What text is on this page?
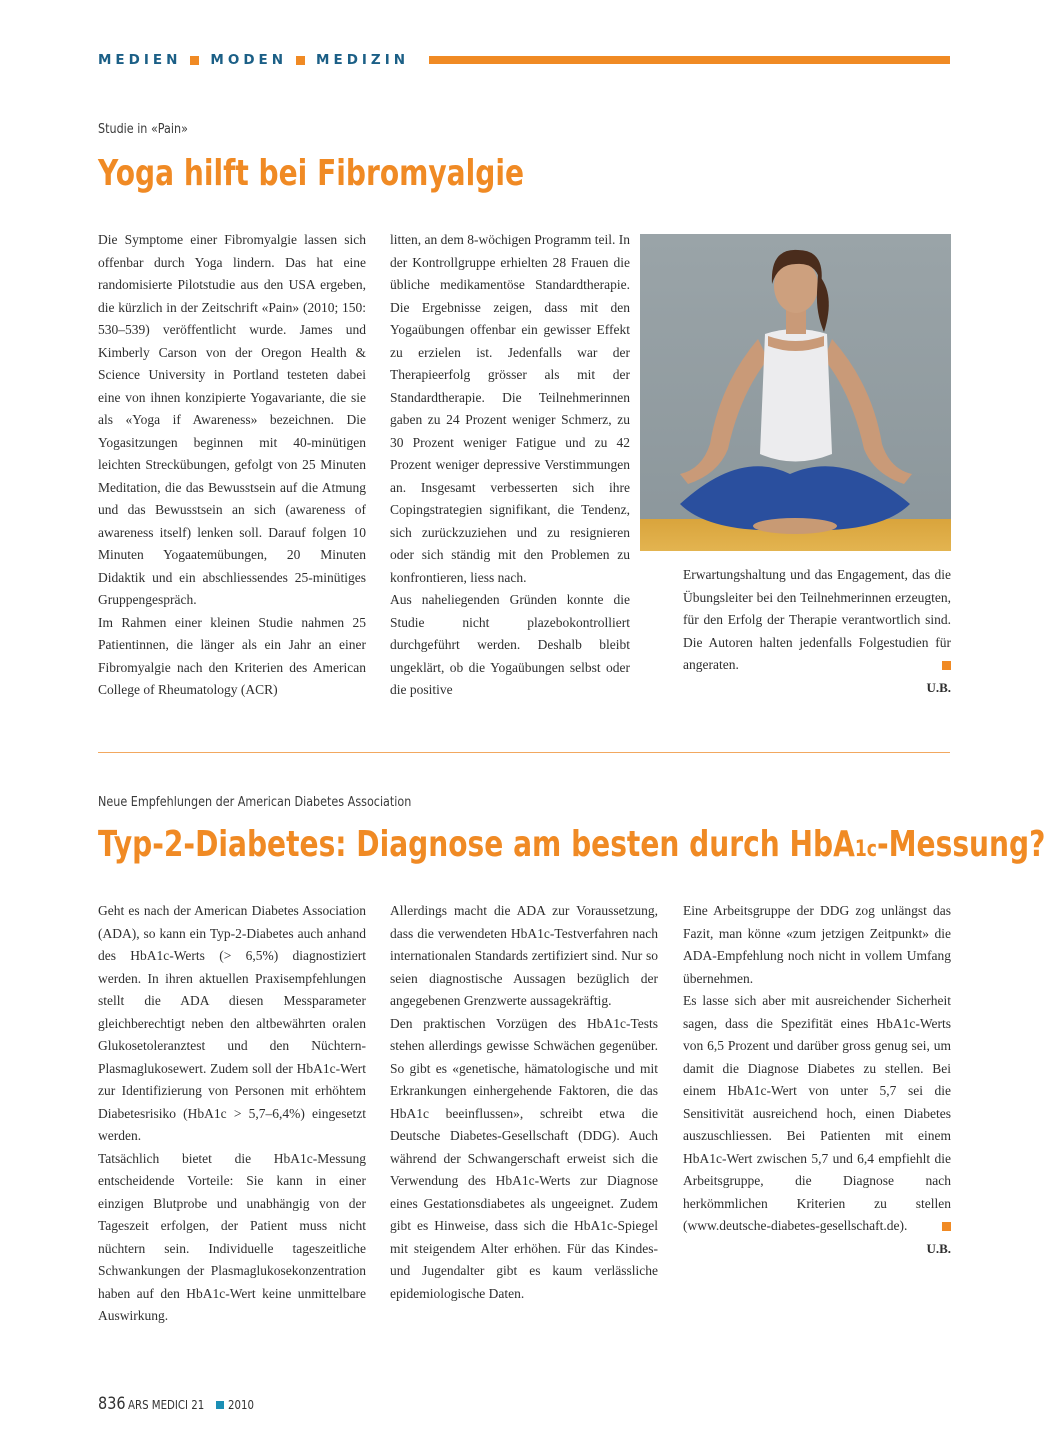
MEDIEN MODEN MEDIZIN
Studie in «Pain»
Yoga hilft bei Fibromyalgie

Die Symptome einer Fibromyalgie lassen sich offenbar durch Yoga lindern. Das hat eine randomisierte Pilotstudie aus den USA ergeben, die kürzlich in der Zeitschrift «Pain» (2010; 150: 530–539) veröffentlicht wurde. James und Kimberly Carson von der Oregon Health & Science University in Portland testeten dabei eine von ihnen konzipierte Yogavariante, die sie als «Yoga if Awareness» bezeichnen. Die Yogasitzungen beginnen mit 40-minütigen leichten Streckübungen, gefolgt von 25 Minuten Meditation, die das Bewusstsein auf die Atmung und das Bewusstsein an sich (awareness of awareness itself) lenken soll. Darauf folgen 10 Minuten Yogaatemübungen, 20 Minuten Didaktik und ein abschliessendes 25-minütiges Gruppengespräch.

Im Rahmen einer kleinen Studie nahmen 25 Patientinnen, die länger als ein Jahr an einer Fibromyalgie nach den Kriterien des American College of Rheumatology (ACR)

litten, an dem 8-wöchigen Programm teil. In der Kontrollgruppe erhielten 28 Frauen die übliche medikamentöse Standardtherapie. Die Ergebnisse zeigen, dass mit den Yogaübungen offenbar ein gewisser Effekt zu erzielen ist. Jedenfalls war der Therapieerfolg grösser als mit der Standardtherapie. Die Teilnehmerinnen gaben zu 24 Prozent weniger Schmerz, zu 30 Prozent weniger Fatigue und zu 42 Prozent weniger depressive Verstimmungen an. Insgesamt verbesserten sich ihre Copingstrategien signifikant, die Tendenz, sich zurückzuziehen und zu resignieren oder sich ständig mit den Problemen zu konfrontieren, liess nach.

Aus naheliegenden Gründen konnte die Studie nicht plazebokontrolliert durchgeführt werden. Deshalb bleibt ungeklärt, ob die Yogaübungen selbst oder die positive

Erwartungshaltung und das Engagement, das die Übungsleiter bei den Teilnehmerinnen erzeugten, für den Erfolg der Therapie verantwortlich sind. Die Autoren halten jedenfalls Folgestudien für angeraten.

U.B.
Neue Empfehlungen der American Diabetes Association
Typ-2-Diabetes: Diagnose am besten durch HbA1c-Messung?

Geht es nach der American Diabetes Association (ADA), so kann ein Typ-2-Diabetes auch anhand des HbA1c-Werts (> 6,5%) diagnostiziert werden. In ihren aktuellen Praxisempfehlungen stellt die ADA diesen Messparameter gleichberechtigt neben den altbewährten oralen Glukosetoleranztest und den Nüchtern-Plasmaglukosewert. Zudem soll der HbA1c-Wert zur Identifizierung von Personen mit erhöhtem Diabetesrisiko (HbA1c > 5,7–6,4%) eingesetzt werden.

Tatsächlich bietet die HbA1c-Messung entscheidende Vorteile: Sie kann in einer einzigen Blutprobe und unabhängig von der Tageszeit erfolgen, der Patient muss nicht nüchtern sein. Individuelle tageszeitliche Schwankungen der Plasmaglukosekonzentration haben auf den HbA1c-Wert keine unmittelbare Auswirkung.

Allerdings macht die ADA zur Voraussetzung, dass die verwendeten HbA1c-Testverfahren nach internationalen Standards zertifiziert sind. Nur so seien diagnostische Aussagen bezüglich der angegebenen Grenzwerte aussagekräftig.

Den praktischen Vorzügen des HbA1c-Tests stehen allerdings gewisse Schwächen gegenüber. So gibt es «genetische, hämatologische und mit Erkrankungen einhergehende Faktoren, die das HbA1c beeinflussen», schreibt etwa die Deutsche Diabetes-Gesellschaft (DDG). Auch während der Schwangerschaft erweist sich die Verwendung des HbA1c-Werts zur Diagnose eines Gestationsdiabetes als ungeeignet. Zudem gibt es Hinweise, dass sich die HbA1c-Spiegel mit steigendem Alter erhöhen. Für das Kindes- und Jugendalter gibt es kaum verlässliche epidemiologische Daten.

Eine Arbeitsgruppe der DDG zog unlängst das Fazit, man könne «zum jetzigen Zeitpunkt» die ADA-Empfehlung noch nicht in vollem Umfang übernehmen.

Es lasse sich aber mit ausreichender Sicherheit sagen, dass die Spezifität eines HbA1c-Werts von 6,5 Prozent und darüber gross genug sei, um damit die Diagnose Diabetes zu stellen. Bei einem HbA1c-Wert von unter 5,7 sei die Sensitivität ausreichend hoch, einen Diabetes auszuschliessen. Bei Patienten mit einem HbA1c-Wert zwischen 5,7 und 6,4 empfiehlt die Arbeitsgruppe, die Diagnose nach herkömmlichen Kriterien zu stellen (www.deutsche-diabetes-gesellschaft.de).

U.B.
836 ARS MEDICI 21 2010
